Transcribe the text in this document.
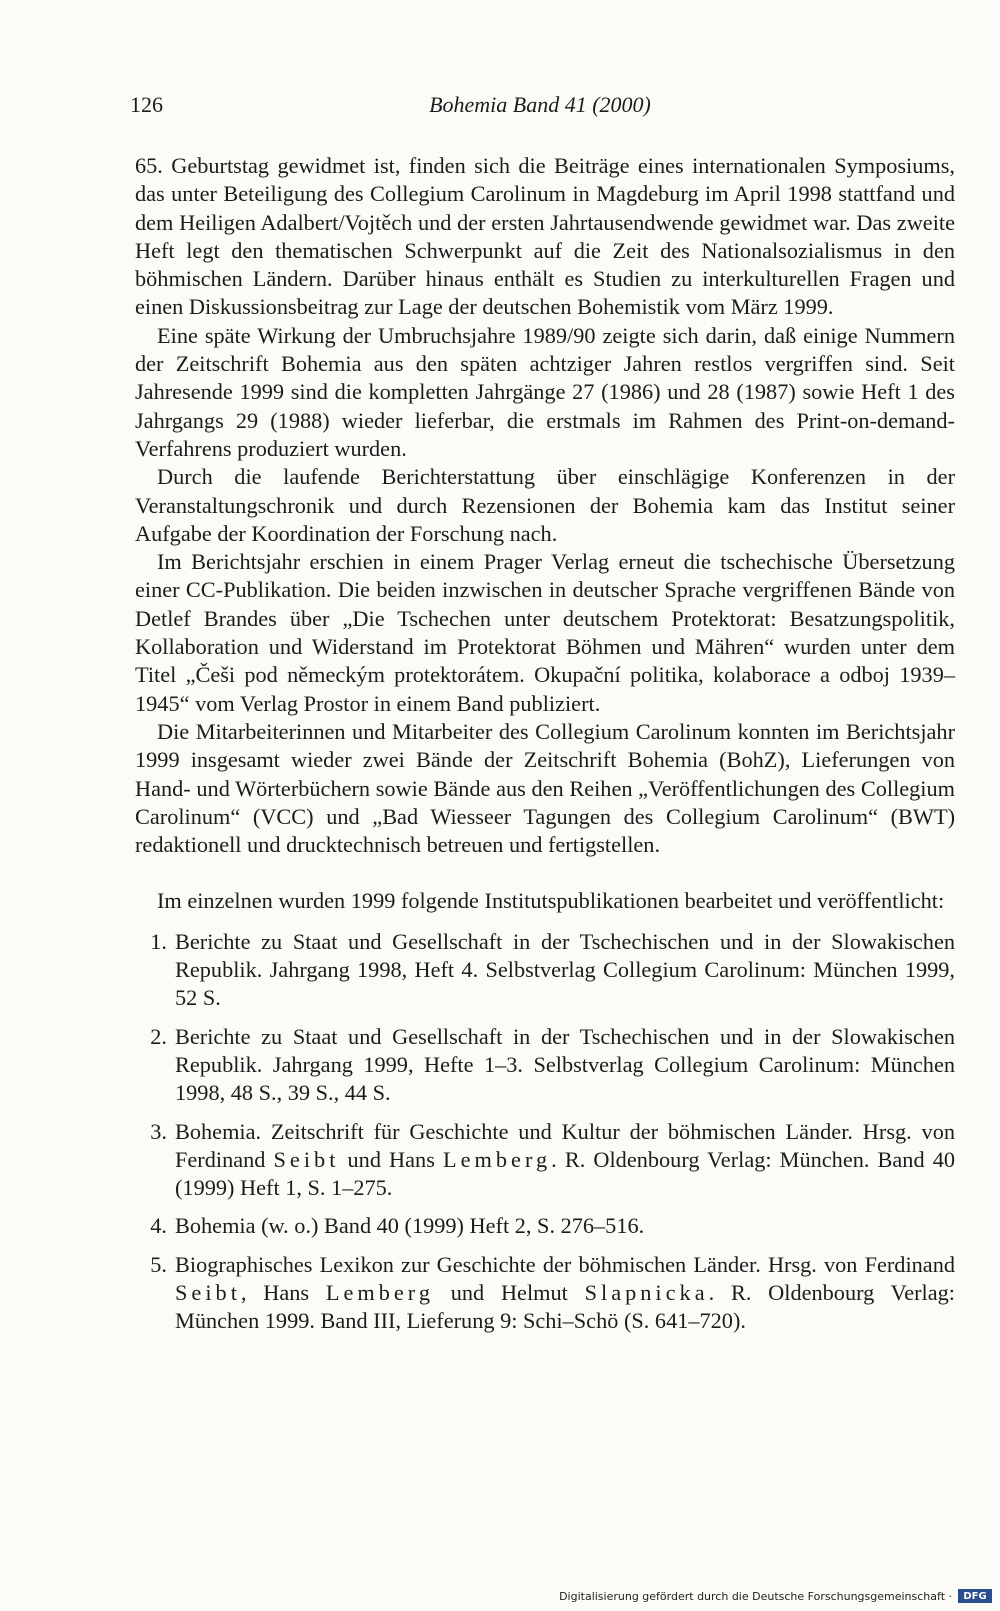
126	Bohemia Band 41 (2000)

65. Geburtstag gewidmet ist, finden sich die Beiträge eines internationalen Symposiums, das unter Beteiligung des Collegium Carolinum in Magdeburg im April 1998 stattfand und dem Heiligen Adalbert/Vojtěch und der ersten Jahrtausendwende gewidmet war. Das zweite Heft legt den thematischen Schwerpunkt auf die Zeit des Nationalsozialismus in den böhmischen Ländern. Darüber hinaus enthält es Studien zu interkulturellen Fragen und einen Diskussionsbeitrag zur Lage der deutschen Bohemistik vom März 1999.

Eine späte Wirkung der Umbruchsjahre 1989/90 zeigte sich darin, daß einige Nummern der Zeitschrift Bohemia aus den späten achtziger Jahren restlos vergriffen sind. Seit Jahresende 1999 sind die kompletten Jahrgänge 27 (1986) und 28 (1987) sowie Heft 1 des Jahrgangs 29 (1988) wieder lieferbar, die erstmals im Rahmen des Print-on-demand-Verfahrens produziert wurden.

Durch die laufende Berichterstattung über einschlägige Konferenzen in der Veranstaltungschronik und durch Rezensionen der Bohemia kam das Institut seiner Aufgabe der Koordination der Forschung nach.

Im Berichtsjahr erschien in einem Prager Verlag erneut die tschechische Übersetzung einer CC-Publikation. Die beiden inzwischen in deutscher Sprache vergriffenen Bände von Detlef Brandes über „Die Tschechen unter deutschem Protektorat: Besatzungspolitik, Kollaboration und Widerstand im Protektorat Böhmen und Mähren“ wurden unter dem Titel „Češi pod německým protektorátem. Okupační politika, kolaborace a odboj 1939–1945“ vom Verlag Prostor in einem Band publiziert.

Die Mitarbeiterinnen und Mitarbeiter des Collegium Carolinum konnten im Berichtsjahr 1999 insgesamt wieder zwei Bände der Zeitschrift Bohemia (BohZ), Lieferungen von Hand- und Wörterbüchern sowie Bände aus den Reihen „Veröffentlichungen des Collegium Carolinum“ (VCC) und „Bad Wiesseer Tagungen des Collegium Carolinum“ (BWT) redaktionell und drucktechnisch betreuen und fertigstellen.

Im einzelnen wurden 1999 folgende Institutspublikationen bearbeitet und veröffentlicht:

1. Berichte zu Staat und Gesellschaft in der Tschechischen und in der Slowakischen Republik. Jahrgang 1998, Heft 4. Selbstverlag Collegium Carolinum: München 1999, 52 S.
2. Berichte zu Staat und Gesellschaft in der Tschechischen und in der Slowakischen Republik. Jahrgang 1999, Hefte 1–3. Selbstverlag Collegium Carolinum: München 1998, 48 S., 39 S., 44 S.
3. Bohemia. Zeitschrift für Geschichte und Kultur der böhmischen Länder. Hrsg. von Ferdinand Seibt und Hans Lemberg. R. Oldenbourg Verlag: München. Band 40 (1999) Heft 1, S. 1–275.
4. Bohemia (w. o.) Band 40 (1999) Heft 2, S. 276–516.
5. Biographisches Lexikon zur Geschichte der böhmischen Länder. Hrsg. von Ferdinand Seibt, Hans Lemberg und Helmut Slapnicka. R. Oldenbourg Verlag: München 1999. Band III, Lieferung 9: Schi–Schö (S. 641–720).
Digitalisierung gefördert durch die Deutsche Forschungsgemeinschaft ·	DFG
